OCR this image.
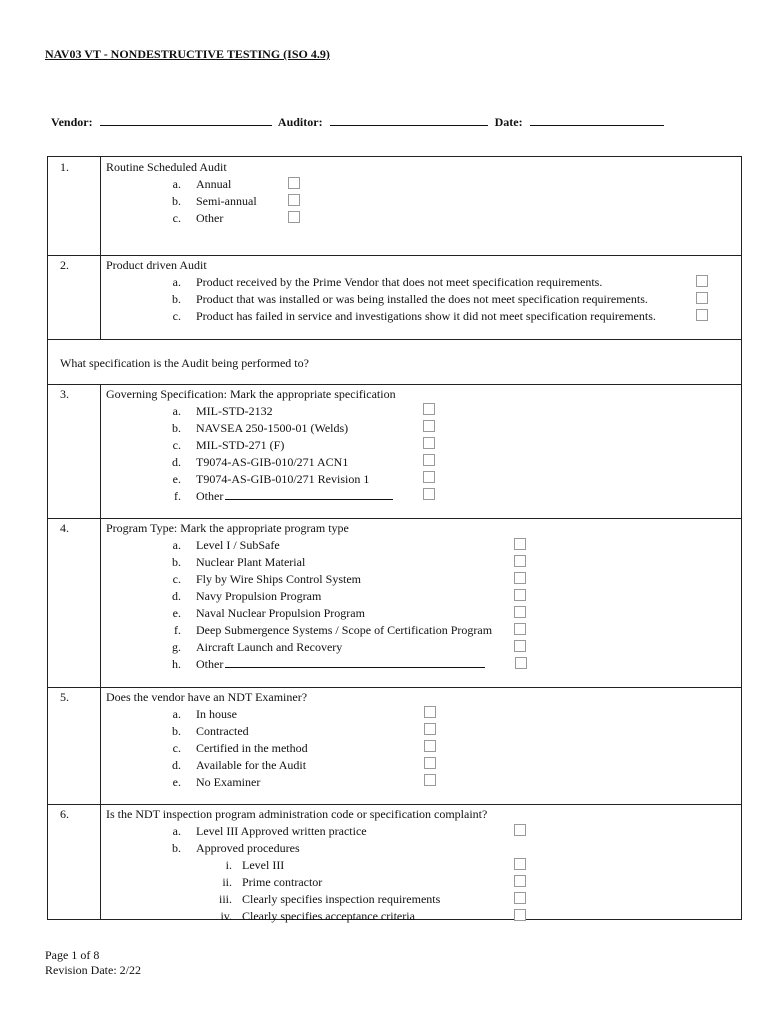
NAV03 VT - NONDESTRUCTIVE TESTING (ISO 4.9)
Vendor:	Auditor:	Date:
1.	Routine Scheduled Audit
a. Annual
b. Semi-annual
c. Other
2.	Product driven Audit
a. Product received by the Prime Vendor that does not meet specification requirements.
b. Product that was installed or was being installed the does not meet specification requirements.
c. Product has failed in service and investigations show it did not meet specification requirements.
What specification is the Audit being performed to?
3.	Governing Specification: Mark the appropriate specification
a. MIL-STD-2132
b. NAVSEA 250-1500-01 (Welds)
c. MIL-STD-271 (F)
d. T9074-AS-GIB-010/271 ACN1
e. T9074-AS-GIB-010/271 Revision 1
f. Other
4.	Program Type: Mark the appropriate program type
a. Level I / SubSafe
b. Nuclear Plant Material
c. Fly by Wire Ships Control System
d. Navy Propulsion Program
e. Naval Nuclear Propulsion Program
f. Deep Submergence Systems / Scope of Certification Program
g. Aircraft Launch and Recovery
h. Other
5.	Does the vendor have an NDT Examiner?
a. In house
b. Contracted
c. Certified in the method
d. Available for the Audit
e. No Examiner
6.	Is the NDT inspection program administration code or specification complaint?
a. Level III Approved written practice
b. Approved procedures
i. Level III
ii. Prime contractor
iii. Clearly specifies inspection requirements
iv. Clearly specifies acceptance criteria
Page 1 of 8
Revision Date: 2/22
